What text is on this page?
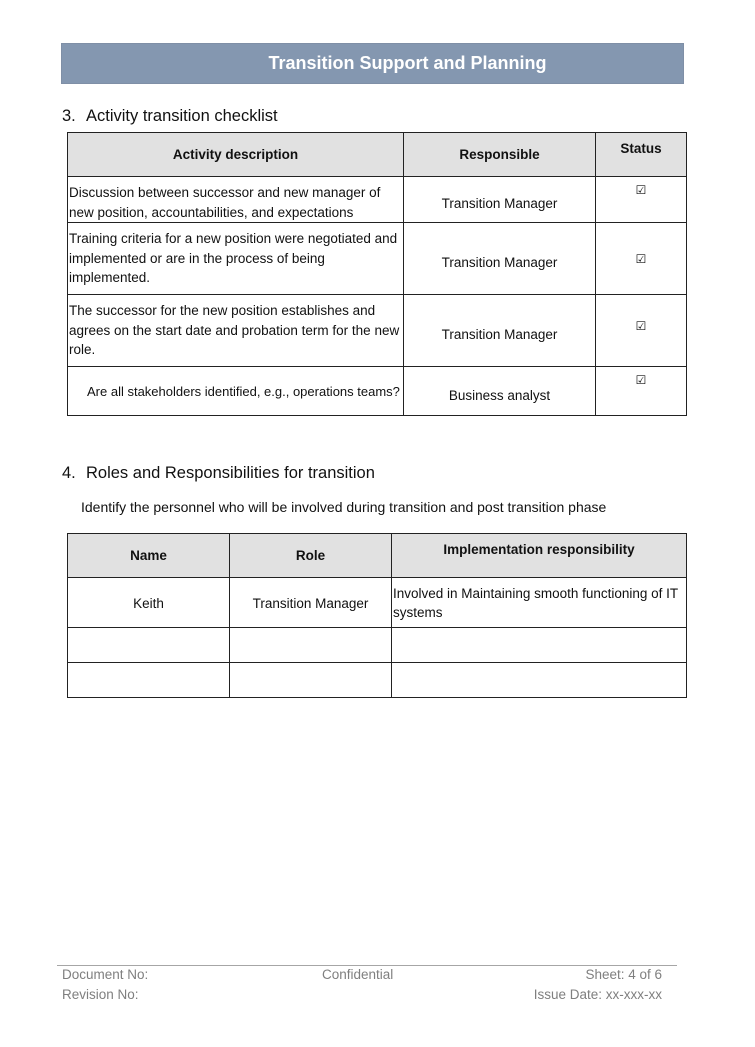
Transition Support and Planning
3. Activity transition checklist
Activity description	Responsible	Status
Discussion between successor and new manager of new position, accountabilities, and expectations	Transition Manager	☑
Training criteria for a new position were negotiated and implemented or are in the process of being implemented.	Transition Manager	☑
The successor for the new position establishes and agrees on the start date and probation term for the new role.	Transition Manager	☑
Are all stakeholders identified, e.g., operations teams?	Business analyst	☑
4. Roles and Responsibilities for transition
Identify the personnel who will be involved during transition and post transition phase
Name	Role	Implementation responsibility
Keith	Transition Manager	Involved in Maintaining smooth functioning of IT systems

Document No:
Revision No:
Confidential	Sheet: 4 of 6
Issue Date: xx-xxx-xx
